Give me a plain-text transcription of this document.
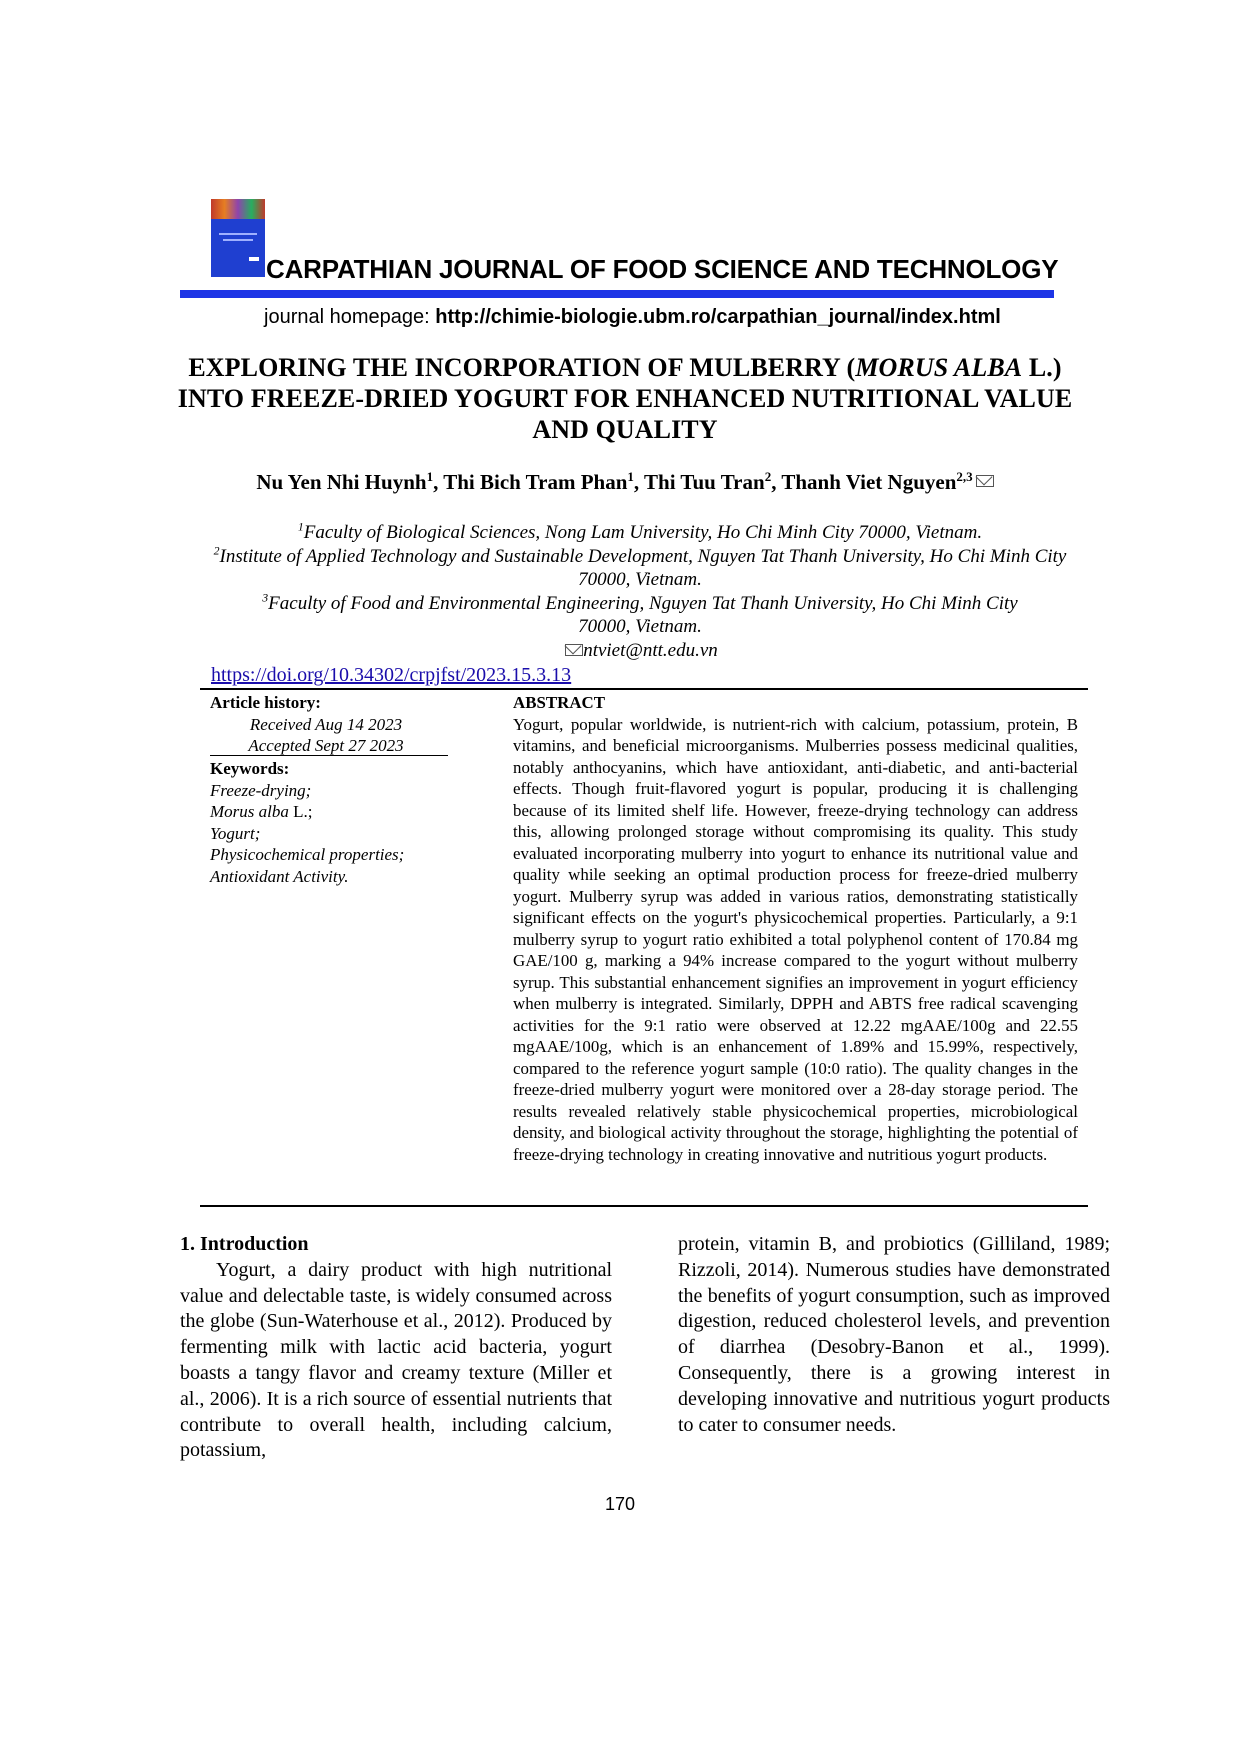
CARPATHIAN JOURNAL OF FOOD SCIENCE AND TECHNOLOGY
journal homepage: http://chimie-biologie.ubm.ro/carpathian_journal/index.html
EXPLORING THE INCORPORATION OF MULBERRY (MORUS ALBA L.)
INTO FREEZE-DRIED YOGURT FOR ENHANCED NUTRITIONAL VALUE
AND QUALITY
Nu Yen Nhi Huynh$^1$, Thi Bich Tram Phan$^1$, Thi Tuu Tran$^2$, Thanh Viet Nguyen$^{2,3}$
$^1$Faculty of Biological Sciences, Nong Lam University, Ho Chi Minh City 70000, Vietnam.
$^2$Institute of Applied Technology and Sustainable Development, Nguyen Tat Thanh University, Ho Chi Minh City
70000, Vietnam.
$^3$Faculty of Food and Environmental Engineering, Nguyen Tat Thanh University, Ho Chi Minh City
70000, Vietnam.
ntviet@ntt.edu.vn
https://doi.org/10.34302/crpjfst/2023.15.3.13
Article history:
Received Aug 14 2023
Accepted Sept 27 2023
Keywords:
Freeze-drying;
Morus alba L.;
Yogurt;
Physicochemical properties;
Antioxidant Activity.
ABSTRACT
Yogurt, popular worldwide, is nutrient-rich with calcium, potassium, protein, B vitamins, and beneficial microorganisms. Mulberries possess medicinal qualities, notably anthocyanins, which have antioxidant, anti-diabetic, and anti-bacterial effects. Though fruit-flavored yogurt is popular, producing it is challenging because of its limited shelf life. However, freeze-drying technology can address this, allowing prolonged storage without compromising its quality. This study evaluated incorporating mulberry into yogurt to enhance its nutritional value and quality while seeking an optimal production process for freeze-dried mulberry yogurt. Mulberry syrup was added in various ratios, demonstrating statistically significant effects on the yogurt's physicochemical properties. Particularly, a 9:1 mulberry syrup to yogurt ratio exhibited a total polyphenol content of 170.84 mg GAE/100 g, marking a 94% increase compared to the yogurt without mulberry syrup. This substantial enhancement signifies an improvement in yogurt efficiency when mulberry is integrated. Similarly, DPPH and ABTS free radical scavenging activities for the 9:1 ratio were observed at 12.22 mgAAE/100g and 22.55 mgAAE/100g, which is an enhancement of 1.89% and 15.99%, respectively, compared to the reference yogurt sample (10:0 ratio). The quality changes in the freeze-dried mulberry yogurt were monitored over a 28-day storage period. The results revealed relatively stable physicochemical properties, microbiological density, and biological activity throughout the storage, highlighting the potential of freeze-drying technology in creating innovative and nutritious yogurt products.
1. Introduction
Yogurt, a dairy product with high nutritional value and delectable taste, is widely consumed across the globe (Sun-Waterhouse et al., 2012). Produced by fermenting milk with lactic acid bacteria, yogurt boasts a tangy flavor and creamy texture (Miller et al., 2006). It is a rich source of essential nutrients that contribute to overall health, including calcium, potassium,
protein, vitamin B, and probiotics (Gilliland, 1989; Rizzoli, 2014). Numerous studies have demonstrated the benefits of yogurt consumption, such as improved digestion, reduced cholesterol levels, and prevention of diarrhea (Desobry-Banon et al., 1999). Consequently, there is a growing interest in developing innovative and nutritious yogurt products to cater to consumer needs.
170
